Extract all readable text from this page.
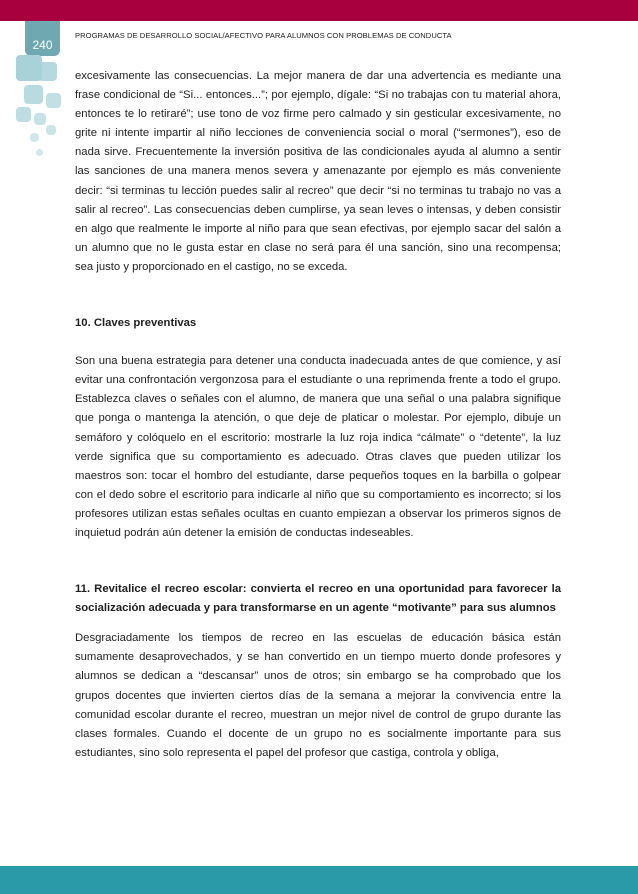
240
PROGRAMAS DE DESARROLLO SOCIAL/AFECTIVO PARA ALUMNOS CON PROBLEMAS DE CONDUCTA

excesivamente las consecuencias. La mejor manera de dar una advertencia es mediante una frase condicional de “Si... entonces...”; por ejemplo, dígale: “Si no trabajas con tu material ahora, entonces te lo retiraré”; use tono de voz firme pero calmado y sin gesticular excesivamente, no grite ni intente impartir al niño lecciones de conveniencia social o moral (“sermones”), eso de nada sirve. Frecuentemente la inversión positiva de las condicionales ayuda al alumno a sentir las sanciones de una manera menos severa y amenazante por ejemplo es más conveniente decir: “si terminas tu lección puedes salir al recreo” que decir “si no terminas tu trabajo no vas a salir al recreo”. Las consecuencias deben cumplirse, ya sean leves o intensas, y deben consistir en algo que realmente le importe al niño para que sean efectivas, por ejemplo sacar del salón a un alumno que no le gusta estar en clase no será para él una sanción, sino una recompensa; sea justo y proporcionado en el castigo, no se exceda.

10. Claves preventivas

Son una buena estrategia para detener una conducta inadecuada antes de que comience, y así evitar una confrontación vergonzosa para el estudiante o una reprimenda frente a todo el grupo. Establezca claves o señales con el alumno, de manera que una señal o una palabra signifique que ponga o mantenga la atención, o que deje de platicar o molestar. Por ejemplo, dibuje un semáforo y colóquelo en el escritorio: mostrarle la luz roja indica “cálmate” o “detente”, la luz verde significa que su comportamiento es adecuado. Otras claves que pueden utilizar los maestros son: tocar el hombro del estudiante, darse pequeños toques en la barbilla o golpear con el dedo sobre el escritorio para indicarle al niño que su comportamiento es incorrecto; si los profesores utilizan estas señales ocultas en cuanto empiezan a observar los primeros signos de inquietud podrán aún detener la emisión de conductas indeseables.

11. Revitalice el recreo escolar: convierta el recreo en una oportunidad para favorecer la socialización adecuada y para transformarse en un agente “motivante” para sus alumnos

Desgraciadamente los tiempos de recreo en las escuelas de educación básica están sumamente desaprovechados, y se han convertido en un tiempo muerto donde profesores y alumnos se dedican a “descansar” unos de otros; sin embargo se ha comprobado que los grupos docentes que invierten ciertos días de la semana a mejorar la convivencia entre la comunidad escolar durante el recreo, muestran un mejor nivel de control de grupo durante las clases formales. Cuando el docente de un grupo no es socialmente importante para sus estudiantes, sino solo representa el papel del profesor que castiga, controla y obliga,
